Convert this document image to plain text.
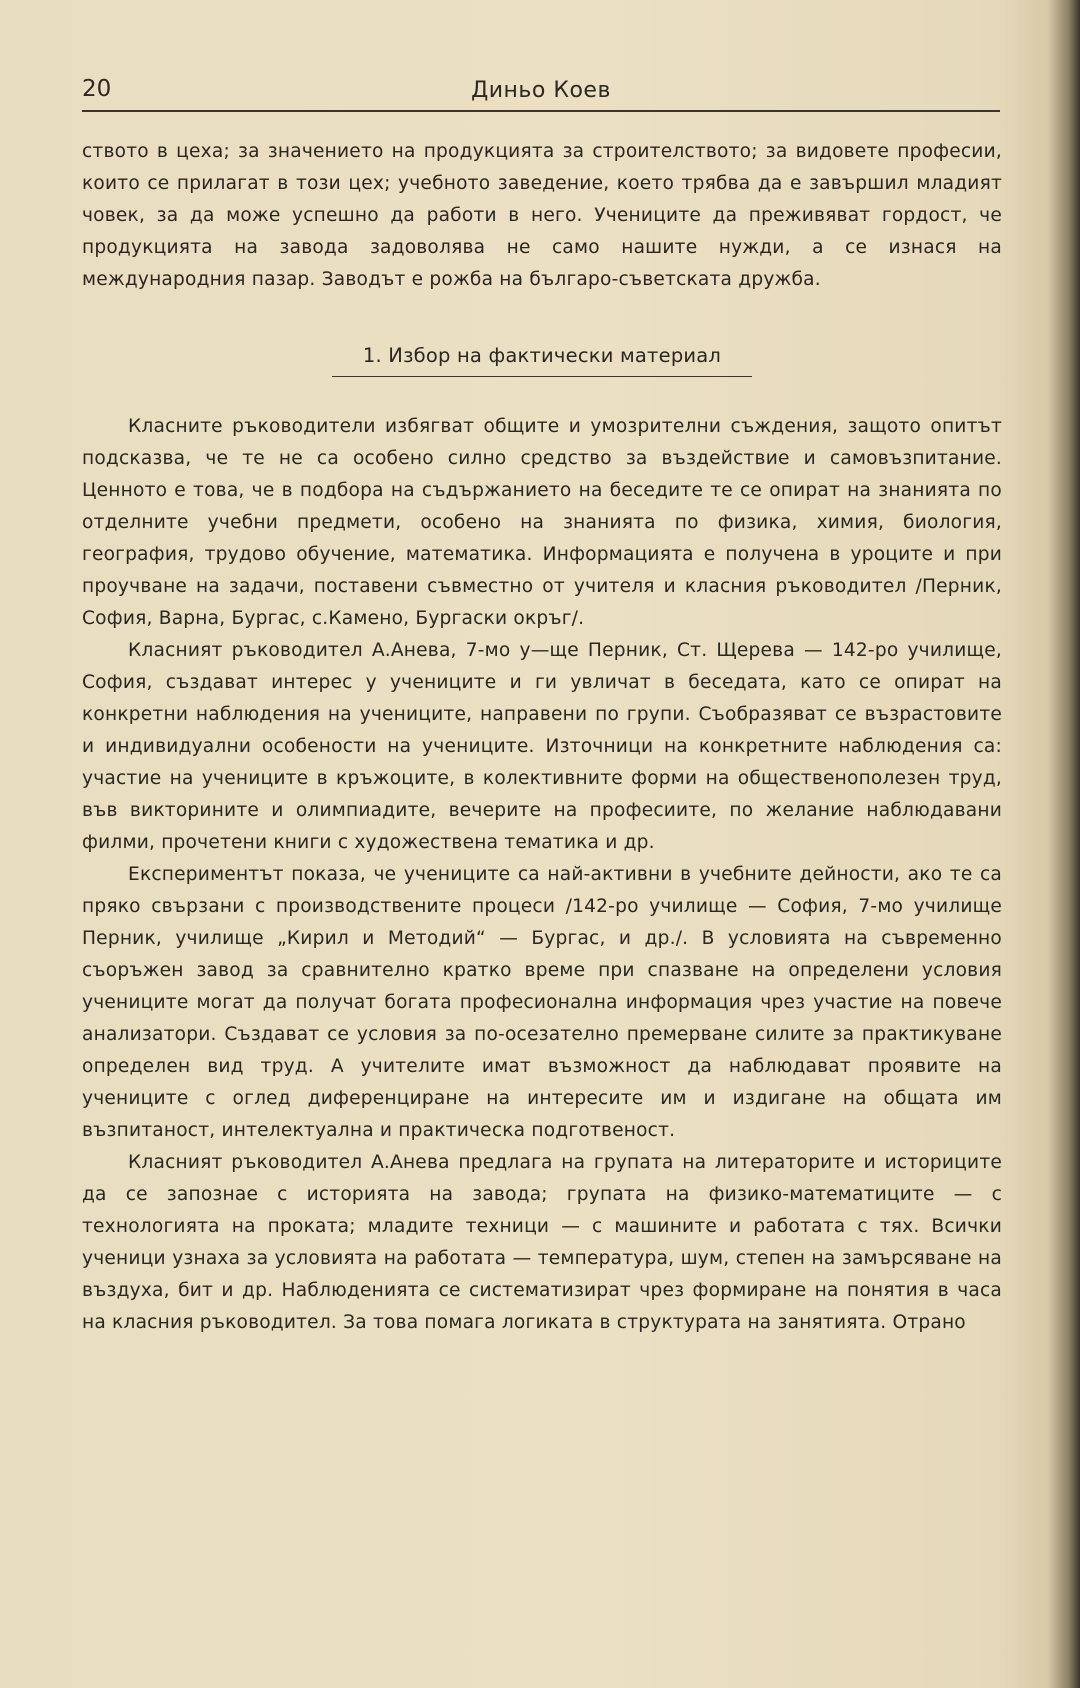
20	Диньо Коев

ството в цеха; за значението на продукцията за строителството; за видовете професии, които се прилагат в този цех; учебното заведение, което трябва да е завършил младият човек, за да може успешно да работи в него. Учениците да преживяват гордост, че продукцията на завода задоволява не само нашите нужди, а се изнася на международния пазар. Заводът е рожба на българо-съветската дружба.

1. Избор на фактически материал

Класните ръководители избягват общите и умозрителни съждения, защото опитът подсказва, че те не са особено силно средство за въздействие и самовъзпитание. Ценното е това, че в подбора на съдържанието на беседите те се опират на знанията по отделните учебни предмети, особено на знанията по физика, химия, биология, география, трудово обучение, математика. Информацията е получена в уроците и при проучване на задачи, поставени съвместно от учителя и класния ръководител /Перник, София, Варна, Бургас, с.Камено, Бургаски окръг/.

Класният ръководител А.Анева, 7-мо у—ще Перник, Ст. Щерева — 142-ро училище, София, създават интерес у учениците и ги увличат в беседата, като се опират на конкретни наблюдения на учениците, направени по групи. Съобразяват се възрастовите и индивидуални особености на учениците. Източници на конкретните наблюдения са: участие на учениците в кръжоците, в колективните форми на общественополезен труд, във викторините и олимпиадите, вечерите на професиите, по желание наблюдавани филми, прочетени книги с художествена тематика и др.

Експериментът показа, че учениците са най-активни в учебните дейности, ако те са пряко свързани с производствените процеси /142-ро училище — София, 7-мо училище Перник, училище „Кирил и Методий“ — Бургас, и др./. В условията на съвременно съоръжен завод за сравнително кратко време при спазване на определени условия учениците могат да получат богата професионална информация чрез участие на повече анализатори. Създават се условия за по-осезателно премерване силите за практикуване определен вид труд. А учителите имат възможност да наблюдават проявите на учениците с оглед диференциране на интересите им и издигане на общата им възпитаност, интелектуална и практическа подготвеност.

Класният ръководител А.Анева предлага на групата на литераторите и историците да се запознае с историята на завода; групата на физико-математиците — с технологията на проката; младите техници — с машините и работата с тях. Всички ученици узнаха за условията на работата — температура, шум, степен на замърсяване на въздуха, бит и др. Наблюденията се систематизират чрез формиране на понятия в часа на класния ръководител. За това помага логиката в структурата на занятията. Отрано
